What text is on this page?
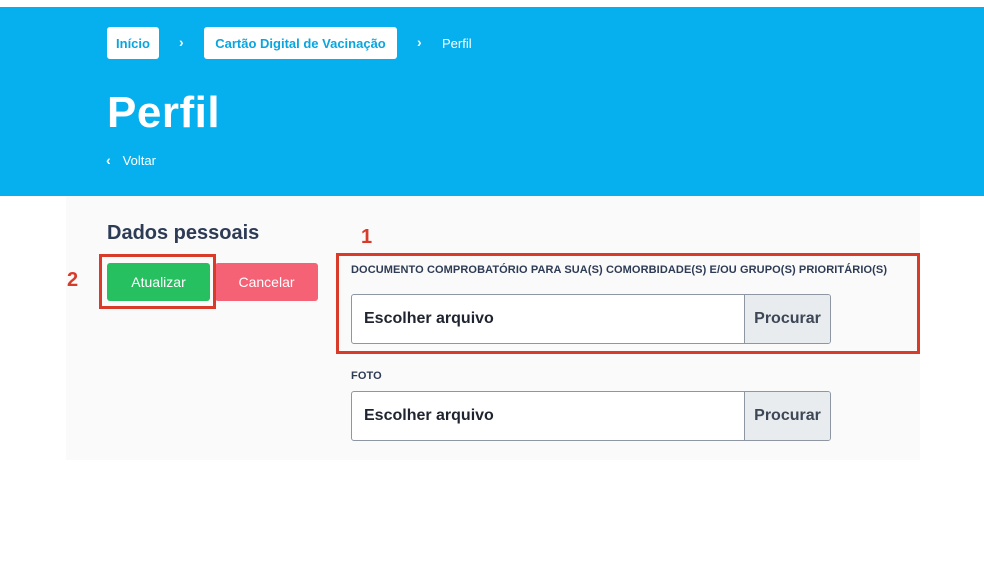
Início	›	Cartão Digital de Vacinação	› Perfil
Perfil
‹ Voltar
Dados pessoais
Atualizar	Cancelar
2
1
DOCUMENTO COMPROBATÓRIO PARA SUA(S) COMORBIDADE(S) E/OU GRUPO(S) PRIORITÁRIO(S)
Escolher arquivo	Procurar
FOTO
Escolher arquivo	Procurar
